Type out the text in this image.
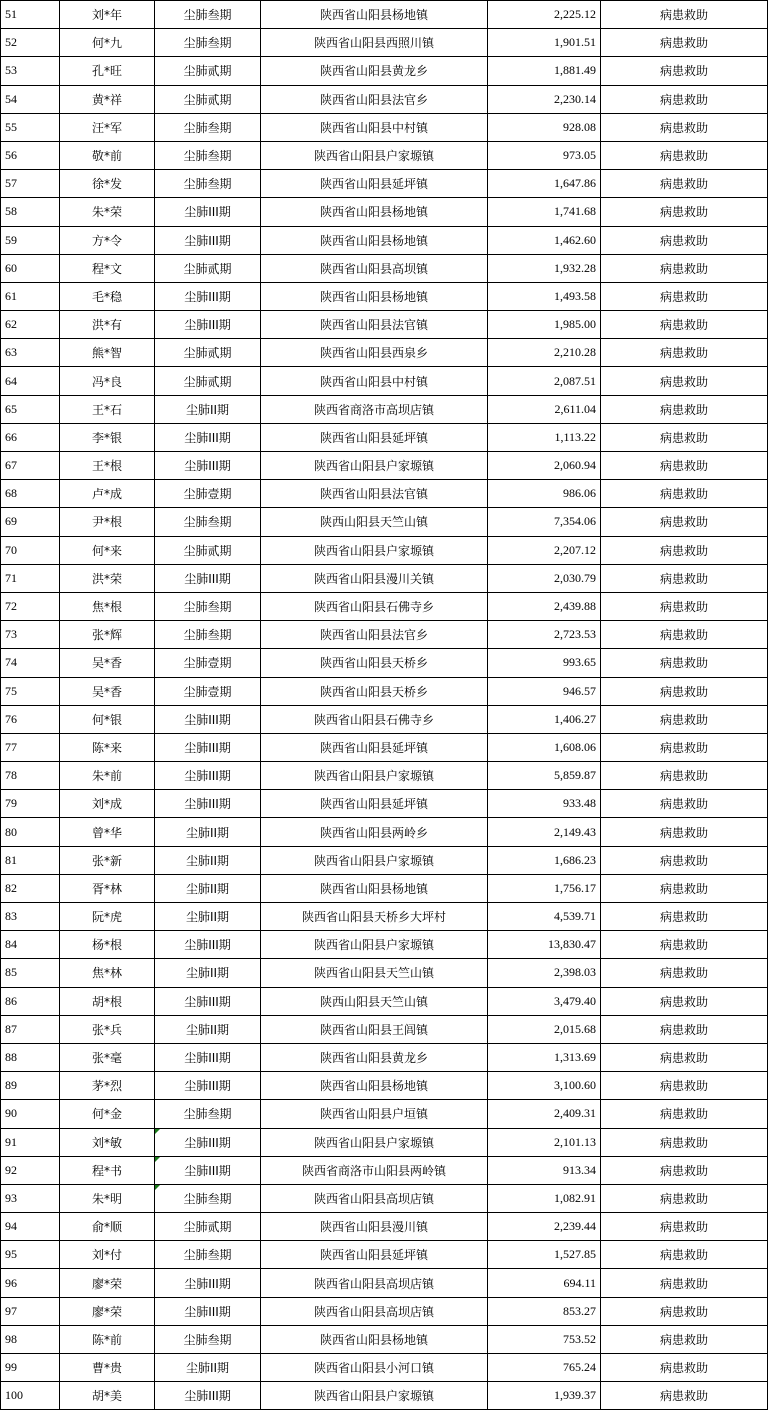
51	刘*年	尘肺叁期	陕西省山阳县杨地镇	2,225.12	病患救助
52	何*九	尘肺叁期	陕西省山阳县西照川镇	1,901.51	病患救助
53	孔*旺	尘肺贰期	陕西省山阳县黄龙乡	1,881.49	病患救助
54	黄*祥	尘肺贰期	陕西省山阳县法官乡	2,230.14	病患救助
55	汪*军	尘肺叁期	陕西省山阳县中村镇	928.08	病患救助
56	敬*前	尘肺叁期	陕西省山阳县户家塬镇	973.05	病患救助
57	徐*发	尘肺叁期	陕西省山阳县延坪镇	1,647.86	病患救助
58	朱*荣	尘肺III期	陕西省山阳县杨地镇	1,741.68	病患救助
59	方*令	尘肺III期	陕西省山阳县杨地镇	1,462.60	病患救助
60	程*文	尘肺贰期	陕西省山阳县高坝镇	1,932.28	病患救助
61	毛*稳	尘肺III期	陕西省山阳县杨地镇	1,493.58	病患救助
62	洪*有	尘肺III期	陕西省山阳县法官镇	1,985.00	病患救助
63	熊*智	尘肺贰期	陕西省山阳县西泉乡	2,210.28	病患救助
64	冯*良	尘肺贰期	陕西省山阳县中村镇	2,087.51	病患救助
65	王*石	尘肺II期	陕西省商洛市高坝店镇	2,611.04	病患救助
66	李*银	尘肺III期	陕西省山阳县延坪镇	1,113.22	病患救助
67	王*根	尘肺III期	陕西省山阳县户家塬镇	2,060.94	病患救助
68	卢*成	尘肺壹期	陕西省山阳县法官镇	986.06	病患救助
69	尹*根	尘肺叁期	陕西山阳县天竺山镇	7,354.06	病患救助
70	何*来	尘肺贰期	陕西省山阳县户家塬镇	2,207.12	病患救助
71	洪*荣	尘肺III期	陕西省山阳县漫川关镇	2,030.79	病患救助
72	焦*根	尘肺叁期	陕西省山阳县石佛寺乡	2,439.88	病患救助
73	张*辉	尘肺叁期	陕西省山阳县法官乡	2,723.53	病患救助
74	吴*香	尘肺壹期	陕西省山阳县天桥乡	993.65	病患救助
75	吴*香	尘肺壹期	陕西省山阳县天桥乡	946.57	病患救助
76	何*银	尘肺III期	陕西省山阳县石佛寺乡	1,406.27	病患救助
77	陈*来	尘肺III期	陕西省山阳县延坪镇	1,608.06	病患救助
78	朱*前	尘肺III期	陕西省山阳县户家塬镇	5,859.87	病患救助
79	刘*成	尘肺III期	陕西省山阳县延坪镇	933.48	病患救助
80	曾*华	尘肺II期	陕西省山阳县两岭乡	2,149.43	病患救助
81	张*新	尘肺II期	陕西省山阳县户家塬镇	1,686.23	病患救助
82	胥*林	尘肺II期	陕西省山阳县杨地镇	1,756.17	病患救助
83	阮*虎	尘肺II期	陕西省山阳县天桥乡大坪村	4,539.71	病患救助
84	杨*根	尘肺III期	陕西省山阳县户家塬镇	13,830.47	病患救助
85	焦*林	尘肺II期	陕西省山阳县天竺山镇	2,398.03	病患救助
86	胡*根	尘肺III期	陕西山阳县天竺山镇	3,479.40	病患救助
87	张*兵	尘肺II期	陕西省山阳县王闾镇	2,015.68	病患救助
88	张*毫	尘肺III期	陕西省山阳县黄龙乡	1,313.69	病患救助
89	茅*烈	尘肺III期	陕西省山阳县杨地镇	3,100.60	病患救助
90	何*金	尘肺叁期	陕西省山阳县户垣镇	2,409.31	病患救助
91	刘*敏	尘肺III期	陕西省山阳县户家塬镇	2,101.13	病患救助
92	程*书	尘肺III期	陕西省商洛市山阳县两岭镇	913.34	病患救助
93	朱*明	尘肺叁期	陕西省山阳县高坝店镇	1,082.91	病患救助
94	俞*顺	尘肺贰期	陕西省山阳县漫川镇	2,239.44	病患救助
95	刘*付	尘肺叁期	陕西省山阳县延坪镇	1,527.85	病患救助
96	廖*荣	尘肺III期	陕西省山阳县高坝店镇	694.11	病患救助
97	廖*荣	尘肺III期	陕西省山阳县高坝店镇	853.27	病患救助
98	陈*前	尘肺叁期	陕西省山阳县杨地镇	753.52	病患救助
99	曹*贵	尘肺II期	陕西省山阳县小河口镇	765.24	病患救助
100	胡*美	尘肺III期	陕西省山阳县户家塬镇	1,939.37	病患救助
